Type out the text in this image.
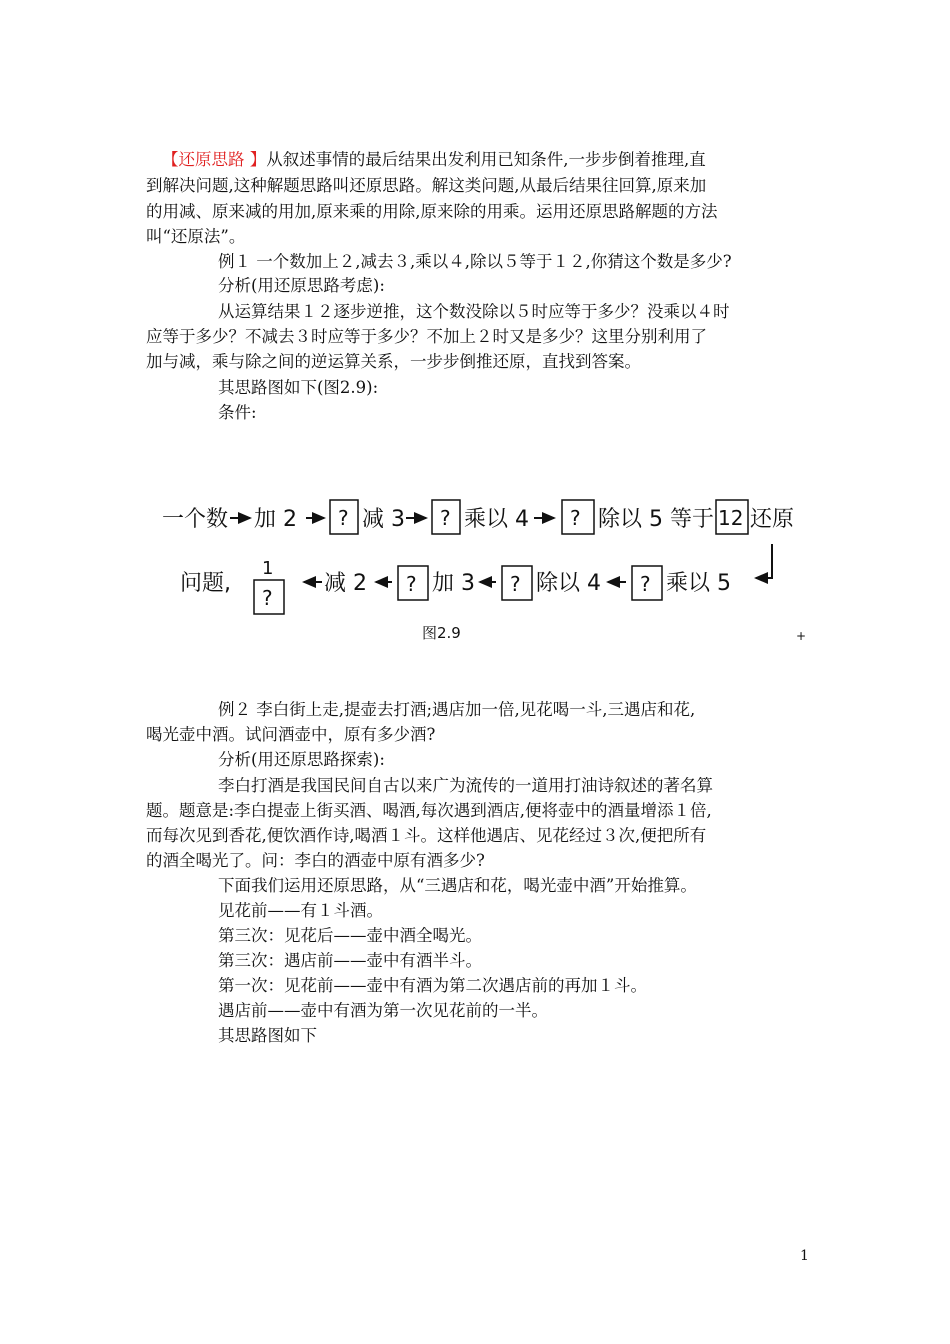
【还原思路 】从叙述事情的最后结果出发利用已知条件,一步步倒着推理,直
到解决问题,这种解题思路叫还原思路。解这类问题,从最后结果往回算,原来加
的用减、原来减的用加,原来乘的用除,原来除的用乘。运用还原思路解题的方法
叫“还原法”。
例１ 一个数加上２,减去３,乘以４,除以５等于１２,你猜这个数是多少?
分析(用还原思路考虑):
从运算结果１２逐步逆推，这个数没除以５时应等于多少？没乘以４时
应等于多少？不减去３时应等于多少？不加上２时又是多少？这里分别利用了
加与减，乘与除之间的逆运算关系，一步步倒推还原，直找到答案。
其思路图如下(图2.9):
条件:
一个数 加 2 ? 减 3 ? 乘以 4 ? 除以 5 等于 12 还原
问题,
1
?
减 2 ? 加 3 ? 除以 4 ? 乘以 5
图2.9	+
例２ 李白街上走,提壶去打酒;遇店加一倍,见花喝一斗,三遇店和花,
喝光壶中酒。试问酒壶中，原有多少酒?
分析(用还原思路探索):
李白打酒是我国民间自古以来广为流传的一道用打油诗叙述的著名算
题。题意是:李白提壶上街买酒、喝酒,每次遇到酒店,便将壶中的酒量增添１倍,
而每次见到香花,便饮酒作诗,喝酒１斗。这样他遇店、见花经过３次,便把所有
的酒全喝光了。问：李白的酒壶中原有酒多少?
下面我们运用还原思路，从“三遇店和花，喝光壶中酒”开始推算。
见花前——有１斗酒。
第三次：见花后——壶中酒全喝光。
第三次：遇店前——壶中有酒半斗。
第一次：见花前——壶中有酒为第二次遇店前的再加１斗。
遇店前——壶中有酒为第一次见花前的一半。
其思路图如下
1
